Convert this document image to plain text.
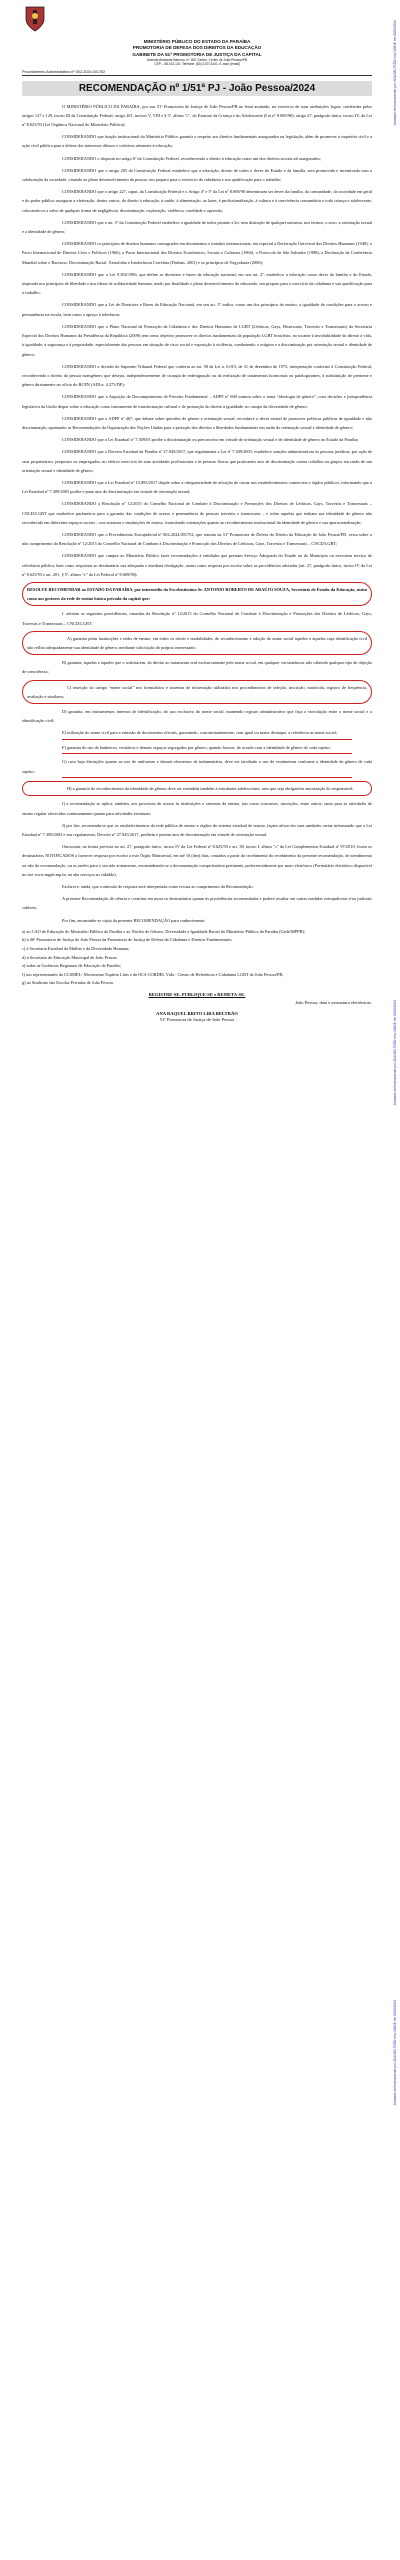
Assinado eletronicamente por: ANA BELTRÃO e/ou NOME em 00/00/2024
Assinado eletronicamente por: ANA BELTRÃO e/ou NOME em 00/00/2024
Assinado eletronicamente por: ANA BELTRÃO e/ou NOME em 00/00/2024
MINISTÉRIO PÚBLICO DO ESTADO DA PARAÍBA
PROMOTORIA DE DEFESA DOS DIREITOS DA EDUCAÇÃO
GABINETE DA 51ª PROMOTORIA DE JUSTIÇA DA CAPITAL
Avenida Almirante Barroso, nº 159, Centro, Centro de João Pessoa/PB
CEP – 58.013-120. Telefone: (83) 2107-6101. E-mail: [email]
Procedimento Administrativo nº 002.2024.001752
RECOMENDAÇÃO nº 1/51ª PJ - João Pessoa/2024

O MINISTÉRIO PÚBLICO DA PARAÍBA, por sua 51ª Promotoria de Justiça de João Pessoa/PB no final assinado, no exercício de suas atribuições legais, conferidas pelos artigos 127 e 129, inciso III da Constituição Federal; artigo 201, incisos V, VIII e § 5º, alínea "c", do Estatuto da Criança e do Adolescente (Lei nº 8.069/90); artigo 27, parágrafo único, inciso IV, da Lei nº 8.625/93 (Lei Orgânica Nacional do Ministério Público);

CONSIDERANDO que função institucional do Ministério Público garantir o respeito aos direitos fundamentais assegurados na legislação, além de promover o inquérito civil e a ação civil pública para a defesa dos interesses difusos e coletivos atinentes à educação;

CONSIDERANDO o disposto no artigo 6º da Constituição Federal, reconhecendo o direito à educação como um dos direitos sociais ali assegurados;

CONSIDERANDO que o artigo 205 da Constituição Federal estabelece que a educação, direito de todos e dever do Estado e da família, será promovida e incentivada com a colaboração da sociedade, visando ao pleno desenvolvimento da pessoa, seu preparo para o exercício da cidadania e sua qualificação para o trabalho;

CONSIDERANDO que o artigo 227, caput, da Constituição Federal e o Artigo 4º e 5º da Lei nº 8.069/90 determinam ser dever da família, da comunidade, da sociedade em geral e do poder público assegurar a efetivação, dentre outros, do direito à educação, à saúde, à alimentação, ao lazer, à profissionalização, à cultura e à convivência comunitária e toda criança e adolescente, colocando-os a salvo de qualquer forma de negligência, discriminação, exploração, violência, crueldade e opressão;

CONSIDERANDO que o art. 5º da Constituição Federal estabelece a igualdade de todos perante a lei, sem distinção de qualquer natureza, nos termos, o sexo, a orientação sexual e a identidade de gênero;

CONSIDERANDO os princípios de direitos humanos consagrados em documentos e tratados internacionais, em especial a Declaração Universal dos Direitos Humanos (1948), o Pacto Internacional de Direitos Civis e Políticos (1966), o Pacto Internacional dos Direitos Econômicos, Sociais e Culturais (1966), o Protocolo de São Salvador (1988), a Declaração da Conferência Mundial sobre o Racismo, Discriminação Racial, Xenofobia e Intolerância Correlata (Durban, 2001) e os princípios de Yogyakarta (2006);

CONSIDERANDO que a Lei 9.394/1996, que define as diretrizes e bases da educação nacional, em seu art. 2º, estabelece a educação como dever da família e do Estado, inspirada nos princípios de liberdade e nos ideais de solidariedade humana, tendo por finalidade o pleno desenvolvimento do educando, seu preparo para o exercício da cidadania e sua qualificação para o trabalho;

CONSIDERANDO que a Lei de Diretrizes e Bases da Educação Nacional, em seu art. 3º indica, como um dos princípios do ensino, a igualdade de condições para o acesso e permanência na escola, bem como o apreço à tolerância;

CONSIDERANDO que o Plano Nacional de Promoção da Cidadania e dos Direitos Humanos de LGBT (Lésbicas, Gays, Bissexuais, Travestis e Transexuais) da Secretaria Especial dos Direitos Humanos da Presidência da República (2009) tem como objetivo promover os direitos fundamentais da população LGBT brasileira, no tocante à inviolabilidade do direito à vida, à igualdade, à segurança e à propriedade, especialmente das pessoas em situação de risco social e exposição à violência, combatendo o estigma e a discriminação por orientação sexual e identidade de gênero;

CONSIDERANDO a decisão do Supremo Tribunal Federal que conferiu ao art. 58 da Lei n. 6.015, de 31 de dezembro de 1973, interpretação conforme à Constituição Federal, reconhecendo o direito da pessoa transgênero que desejar, independentemente de cirurgia de redesignação ou da realização de tratamentos hormonais ou patologizantes, à substituição de prenome e gênero diretamente no ofício do RCPN (ADI n. 4.275/DF);

CONSIDERANDO que a Arguição de Descumprimento de Preceito Fundamental – ADPF nº 600 tramita sobre o tema “ideologia de gênero”, com decisões e jurisprudência legislativa da União dispor sobre a educação como instrumento de transformação cultural e de promoção do direito à igualdade, no campo da diversidade de gênero;

CONSIDERANDO que a ADPF nº 467, que debate sobre questões de gênero e orientação sexual, reconhece o dever estatal de promover políticas públicas de igualdade e não discriminação, apontando as Recomendações da Organização das Nações Unidas para a proteção dos direitos e liberdades fundamentais em razão de orientação sexual e identidade de gênero;

CONSIDERANDO que a Lei Estadual nº 7.309/03 proíbe a discriminação ou preconceito em virtude de orientação sexual e de identidade de gênero no Estado da Paraíba;

CONSIDERANDO que o Decreto Estadual da Paraíba nº 27.945/2017, que regulamenta a Lei nº 7.309/2003, estabelece sanções administrativas às pessoas jurídicas, por ação de seus proprietários, prepostos ou empregados, no efetivo exercício de suas atividades profissionais e às pessoas físicas que praticarem atos de discriminação contra cidadãos ou grupos em razão de sua orientação sexual e identidade de gênero;

CONSIDERANDO que a Lei Estadual nº 10.895/2017 dispõe sobre a obrigatoriedade de afixação de cartaz nos estabelecimentos comerciais e órgãos públicos, informando que a Lei Estadual nº 7.309/2003 proíbe e pune atos de discriminação em virtude de orientação sexual;

CONSIDERANDO a Resolução nº 12/2015 do Conselho Nacional de Combate à Discriminação e Promoções dos Direitos de Lésbicas, Gays, Travestis e Transexuais – CNCD/LGBT que estabelece parâmetros para a garantia das condições de acesso e permanência de pessoas travestis e transexuais – e todas aquelas que tenham sua identidade de gênero não reconhecida em diferentes espaços sociais – nos sistemas e instituições de ensino, formulando orientações quanto ao reconhecimento institucional da identidade de gênero e sua operacionalização;

CONSIDERANDO que o Procedimento Extrajudicial nº 002.2024.001752, que tramita na 51ª Promotoria de Defesa do Direito da Educação de João Pessoa/PB, versa sobre o não cumprimento da Resolução nº 12/2015 do Conselho Nacional de Combate à Discriminação e Promoção dos Direitos de Lésbicas, Gays, Travestis e Transexuais – CNCD/LGBT;

CONSIDERANDO que cumpre ao Ministério Público fazer recomendações à entidades que prestam Serviço Adequado do Estado ou do Município ou executem serviço de relevância pública, bem como requisitar ao destinatário sua adequada e imediata divulgação, assim como resposta por escrito sobre as providências adotadas (art. 27, parágrafo único, inciso IV da Lei nº 8.625/93 e art. 201, § 5º, alínea “c” da Lei Federal nº 8.069/90);

RESOLVE RECOMENDAR ao ESTADO DA PARAÍBA, por intermédio da Excelentíssimo Sr. ANTONIO ROBERTO DE ARAÚJO SOUZA, Secretário de Estado da Educação, assim como aos gestores da rede de ensino básica privada da capital que:

I. adotem as seguintes providências, oriundas da Resolução nº 12/2015 do Conselho Nacional de Combate à Discriminação e Promoções dos Direitos de Lésbicas, Gays, Travestis e Transexuais – CNCD/LGBT:

A) garantia pelas instituições e redes de ensino, em todos os níveis e modalidades, do reconhecimento e adoção do nome social àqueles e àquelas cuja identificação civil não reflita adequadamente sua identidade de gênero, mediante solicitação do próprio interessado;

B) garantia, àquelas e àqueles que o solicitarem, do direito ao tratamento oral exclusivamente pelo nome social, em qualquer circunstância, não cabendo qualquer tipo de objeção de consciência;

C) inserção do campo “nome social” nos formulários e sistemas de informação utilizados nos procedimentos de seleção, inscrição, matrícula, registro de frequência, avaliação e similares;

D) garantia, em instrumentos internos de identificação, do uso exclusivo do nome social, mantendo registro administrativo que faça a vinculação entre o nome social e a identificação civil;

E) utilização do nome civil para a emissão de documentos oficiais, garantindo, concomitantemente, com igual ou maior destaque, a referência ao nome social;

F) garantia do uso de banheiros, vestiários e demais espaços segregados por gênero, quando houver, de acordo com a identidade de gênero de cada sujeito;

G) caso haja distinções quanto ao uso de uniformes e demais elementos de indumentária, deve ser facultado o uso de vestimentas conforme a identidade de gênero de cada sujeito;

H) a garantia do reconhecimento da identidade de gênero deve ser estendida também a estudantes adolescentes, sem que seja obrigatória autorização do responsável;

I) a recomendação se aplica, também, aos processos de acesso às instituições e sistemas de ensino, tais como concursos, inscrições, entre outros, tanto para as atividades de ensino regular oferecidas continuamente quanto para atividades eventuais;

J) por fim, recomenda-se que os estabelecimentos da rede pública de ensino e órgãos do sistema estadual de ensino, façam afixar em suas unidades cartaz informando que a Lei Estadual nº 7.309/2003 e seu regulamento, Decreto nº 27.945/2017, proíbem e punem atos de discriminação em virtude de orientação sexual.

Outrossim, na forma prevista no art. 27, parágrafo único, inciso IV da Lei Federal nº 8.625/93 e art. 38, inciso I, alínea "c" da Lei Complementar Estadual nº 97/2010, ficam os destinatários NOTIFICADOS a fornecer resposta por escrito a este Órgão Ministerial, em até 10 (dez) dias, contados a partir do recebimento do recebimento da presente recomendação, de atendimento ou não da recomendação, ou as razões para o seu não acatamento, encaminhando-se a documentação comprobatória pertinente, preferencialmente por meio eletrônico (Formulário eletrônico disponível no site www.mppb.mp.br, na aba serviços ao cidadão).

Esclarece, ainda, que a omissão de resposta será interpretada como recusa ao cumprimento da Recomendação.

A presente Recomendação dá ciência e constitui em mora os destinatários quanto às providências recomendadas e poderá resultar em outras medidas extrajudiciais e/ou judiciais cabíveis.

Por fim, encaminhe-se cópia da presente RECOMENDAÇÃO para conhecimento:

a) ao CAO de Educação do Ministério Público da Paraíba e ao Núcleo de Gênero, Diversidade e Igualdade Racial do Ministério Público da Paraíba (Gede/MPPB);
b) à 46ª Promotoria de Justiça de João Pessoa da Promotoria de Justiça de Defesa da Cidadania e Direitos Fundamentais;
c) à Secretaria Estadual da Mulher e da Diversidade Humana;
d) à Secretaria de Educação Municipal de João Pessoa;
e) todas as Gerências Regionais de Educação de Paraíba;
f) aos representantes da CCSMEL- Movimento Espírito Lilás e da OCS CORDEL Vida - Centro de Referência e Cidadania LGBT de João Pessoa/PB;
g) ao Sindicato das Escolas Privadas de João Pessoa.
REGISTRE-SE. PUBLIQUE-SE e REMETA-SE.
João Pessoa, data e assinatura eletrônicas.
ANA RAQUEL BRITO LIRA BELTRÃO
51ª Promotora de Justiça de João Pessoa
